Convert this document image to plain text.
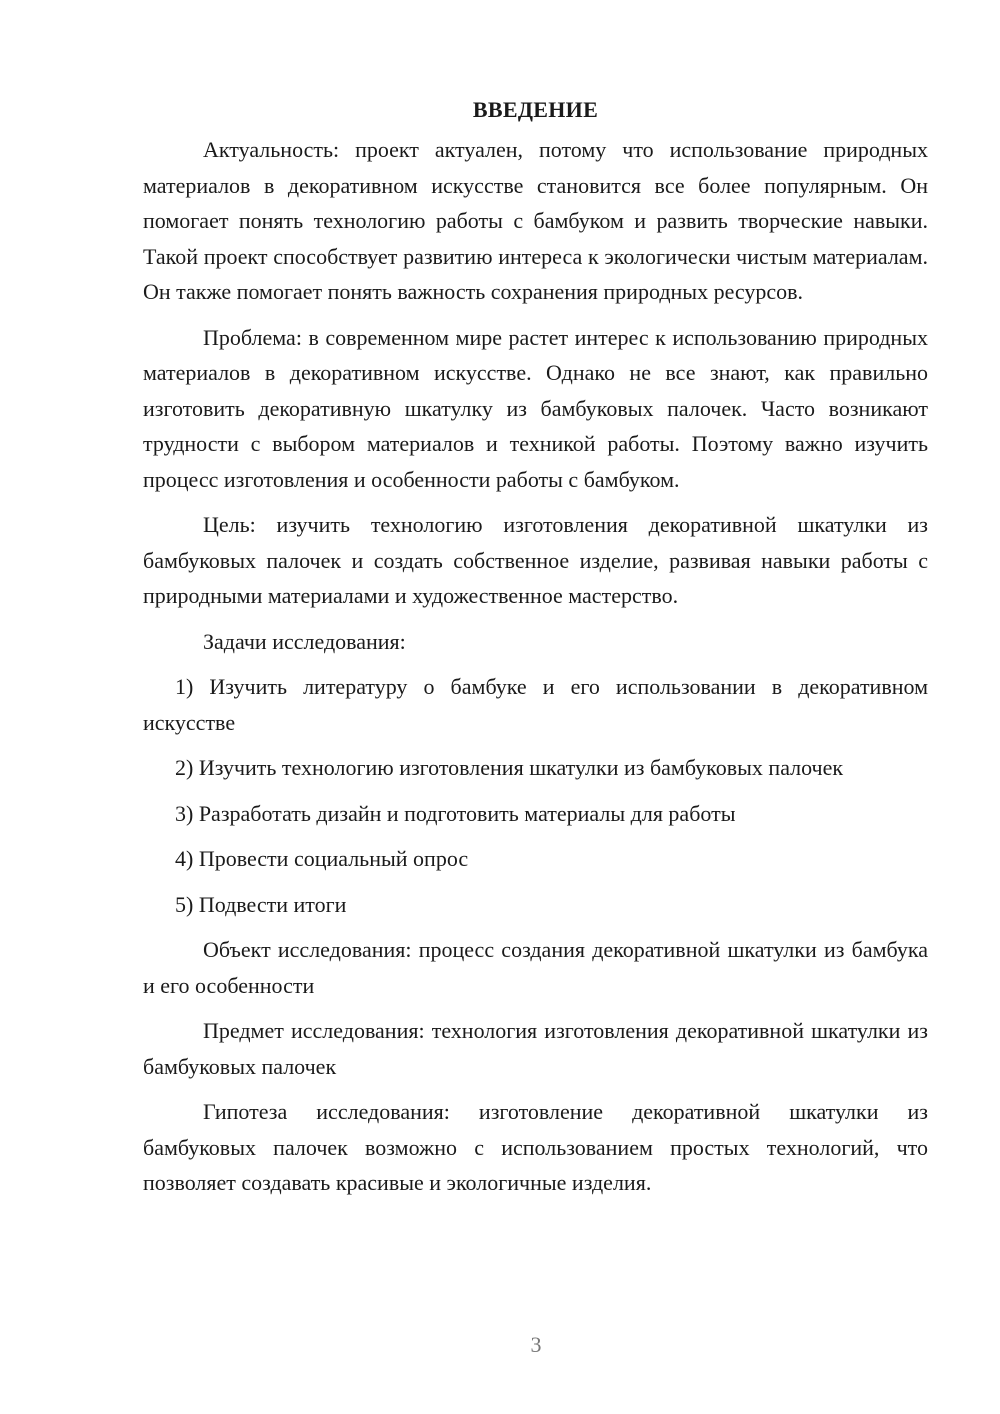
ВВЕДЕНИЕ

Актуальность: проект актуален, потому что использование природных материалов в декоративном искусстве становится все более популярным. Он помогает понять технологию работы с бамбуком и развить творческие навыки. Такой проект способствует развитию интереса к экологически чистым материалам. Он также помогает понять важность сохранения природных ресурсов.

Проблема: в современном мире растет интерес к использованию природных материалов в декоративном искусстве. Однако не все знают, как правильно изготовить декоративную шкатулку из бамбуковых палочек. Часто возникают трудности с выбором материалов и техникой работы. Поэтому важно изучить процесс изготовления и особенности работы с бамбуком.

Цель: изучить технологию изготовления декоративной шкатулки из бамбуковых палочек и создать собственное изделие, развивая навыки работы с природными материалами и художественное мастерство.

Задачи исследования:

1) Изучить литературу о бамбуке и его использовании в декоративном искусстве

2) Изучить технологию изготовления шкатулки из бамбуковых палочек

3) Разработать дизайн и подготовить материалы для работы

4) Провести социальный опрос

5) Подвести итоги

Объект исследования: процесс создания декоративной шкатулки из бамбука и его особенности

Предмет исследования: технология изготовления декоративной шкатулки из бамбуковых палочек

Гипотеза исследования: изготовление декоративной шкатулки из бамбуковых палочек возможно с использованием простых технологий, что позволяет создавать красивые и экологичные изделия.

3
